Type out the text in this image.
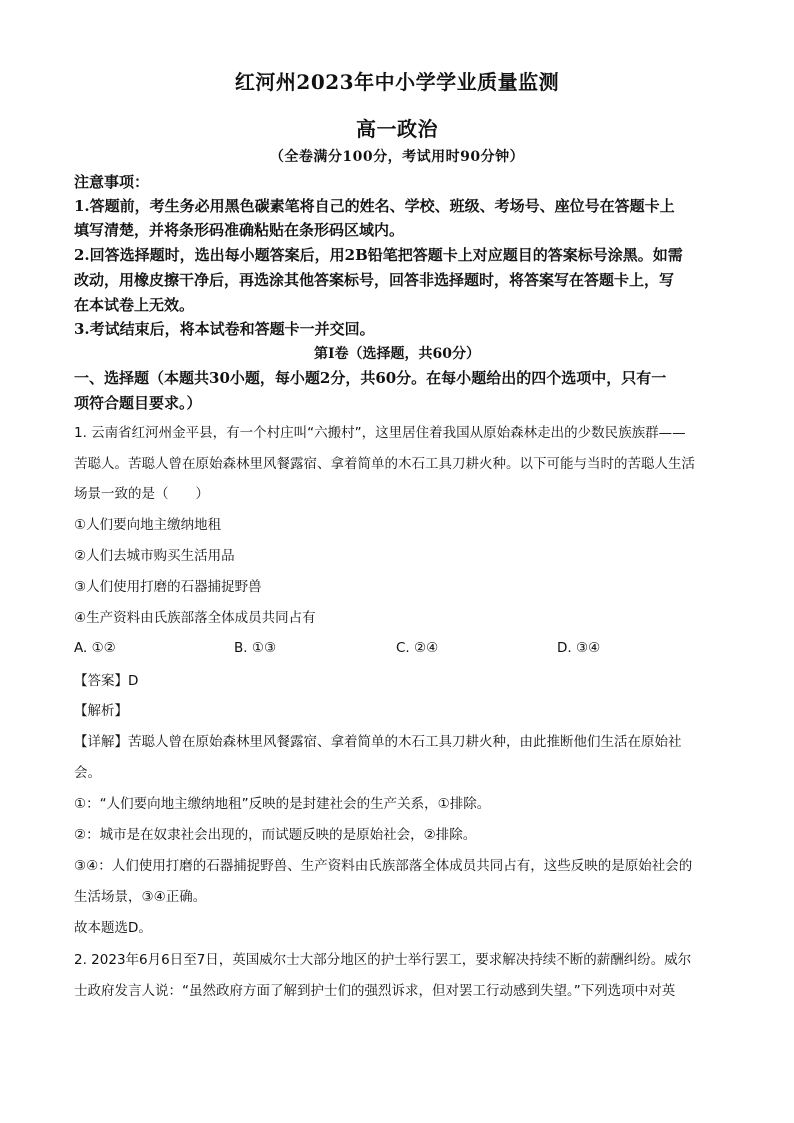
红河州2023年中小学学业质量监测
高一政治
（全卷满分100分，考试用时90分钟）
注意事项：
1.答题前，考生务必用黑色碳素笔将自己的姓名、学校、班级、考场号、座位号在答题卡上
填写清楚，并将条形码准确粘贴在条形码区域内。
2.回答选择题时，选出每小题答案后，用2B铅笔把答题卡上对应题目的答案标号涂黑。如需
改动，用橡皮擦干净后，再选涂其他答案标号，回答非选择题时，将答案写在答题卡上，写
在本试卷上无效。
3.考试结束后，将本试卷和答题卡一并交回。
第Ⅰ卷（选择题，共60分）
一、选择题（本题共30小题，每小题2分，共60分。在每小题给出的四个选项中，只有一
项符合题目要求。）
1. 云南省红河州金平县，有一个村庄叫“六搬村”，这里居住着我国从原始森林走出的少数民族族群——
苦聪人。苦聪人曾在原始森林里风餐露宿、拿着简单的木石工具刀耕火种。以下可能与当时的苦聪人生活
场景一致的是（　　）
①人们要向地主缴纳地租
②人们去城市购买生活用品
③人们使用打磨的石器捕捉野兽
④生产资料由氏族部落全体成员共同占有
A. ①②	B. ①③	C. ②④	D. ③④
【答案】D
【解析】
【详解】苦聪人曾在原始森林里风餐露宿、拿着简单的木石工具刀耕火种，由此推断他们生活在原始社
会。
①：“人们要向地主缴纳地租”反映的是封建社会的生产关系，①排除。
②：城市是在奴隶社会出现的，而试题反映的是原始社会，②排除。
③④：人们使用打磨的石器捕捉野兽、生产资料由氏族部落全体成员共同占有，这些反映的是原始社会的
生活场景，③④正确。
故本题选D。
2. 2023年6月6日至7日，英国威尔士大部分地区的护士举行罢工，要求解决持续不断的薪酬纠纷。威尔
士政府发言人说：“虽然政府方面了解到护士们的强烈诉求，但对罢工行动感到失望。”下列选项中对英
